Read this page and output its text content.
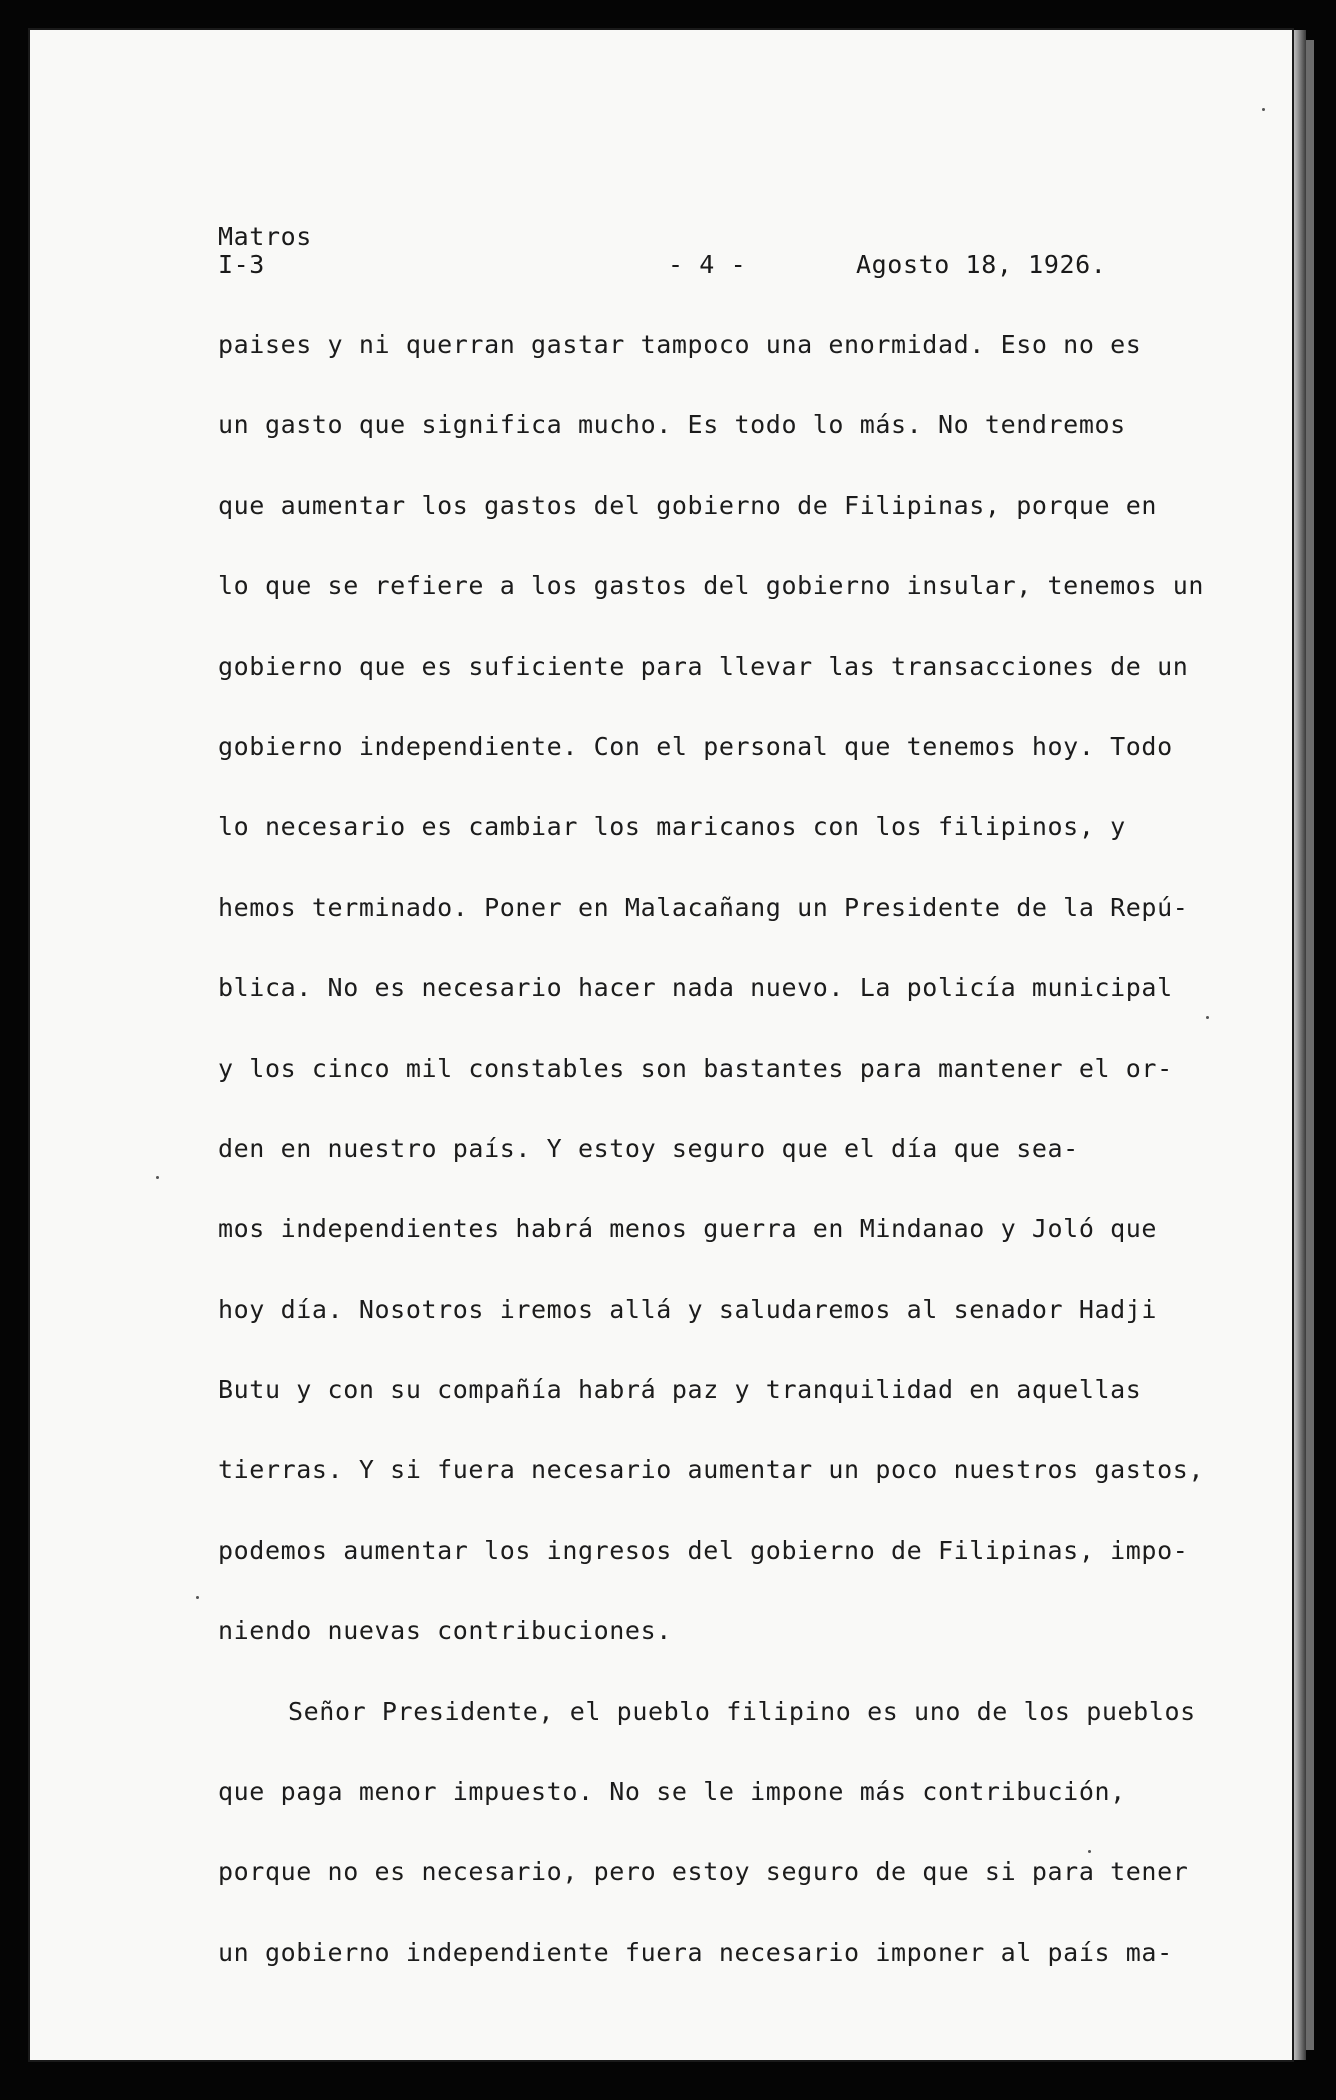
Matros
I-3	- 4 -	Agosto 18, 1926.
paises y ni querran gastar tampoco una enormidad. Eso no es
un gasto que significa mucho. Es todo lo más. No tendremos
que aumentar los gastos del gobierno de Filipinas, porque en
lo que se refiere a los gastos del gobierno insular, tenemos un
gobierno que es suficiente para llevar las transacciones de un
gobierno independiente. Con el personal que tenemos hoy. Todo
lo necesario es cambiar los maricanos con los filipinos, y
hemos terminado. Poner en Malacañang un Presidente de la Repú-
blica. No es necesario hacer nada nuevo. La policía municipal
y los cinco mil constables son bastantes para mantener el or-
den en nuestro país. Y estoy seguro que el día que sea-
mos independientes habrá menos guerra en Mindanao y Joló que
hoy día. Nosotros iremos allá y saludaremos al senador Hadji
Butu y con su compañía habrá paz y tranquilidad en aquellas
tierras. Y si fuera necesario aumentar un poco nuestros gastos,
podemos aumentar los ingresos del gobierno de Filipinas, impo-
niendo nuevas contribuciones.
Señor Presidente, el pueblo filipino es uno de los pueblos
que paga menor impuesto. No se le impone más contribución,
porque no es necesario, pero estoy seguro de que si para tener
un gobierno independiente fuera necesario imponer al país ma-
